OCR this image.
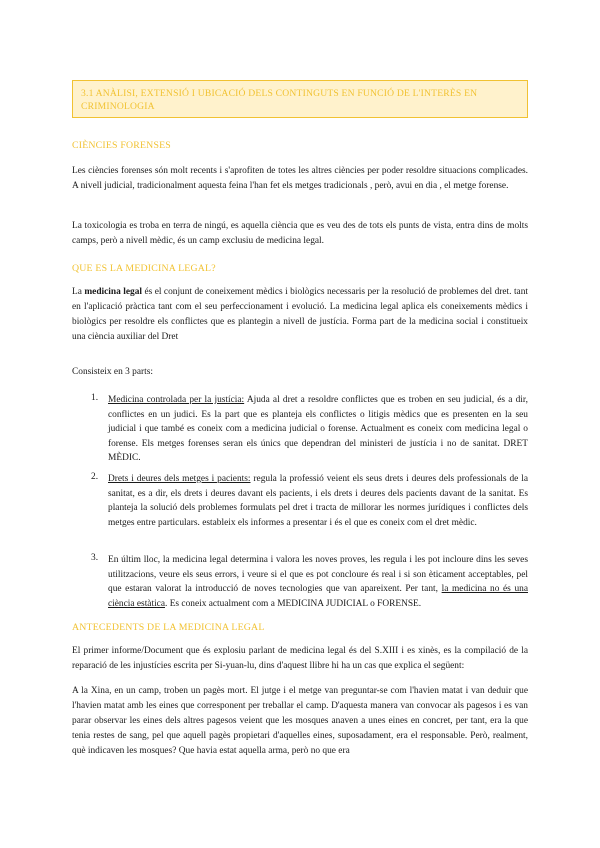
3.1 ANÀLISI, EXTENSIÓ I UBICACIÓ DELS CONTINGUTS EN FUNCIÓ DE L'INTERÈS EN CRIMINOLOGIA
CIÈNCIES FORENSES

Les ciències forenses són molt recents i s'aprofiten de totes les altres ciències per poder resoldre situacions complicades. A nivell judicial, tradicionalment aquesta feina l'han fet els metges tradicionals , però, avui en dia , el metge forense.

La toxicologia es troba en terra de ningú, es aquella ciència que es veu des de tots els punts de vista, entra dins de molts camps, però a nivell mèdic, és un camp exclusiu de medicina legal.

QUE ES LA MEDICINA LEGAL?

La medicina legal és el conjunt de coneixement mèdics i biològics necessaris per la resolució de problemes del dret. tant en l'aplicació pràctica tant com el seu perfeccionament i evolució. La medicina legal aplica els coneixements mèdics i biològics per resoldre els conflictes que es plantegin a nivell de justícia. Forma part de la medicina social i constitueix una ciència auxiliar del Dret

Consisteix en 3 parts:

1. Medicina controlada per la justícia: Ajuda al dret a resoldre conflictes que es troben en seu judicial, és a dir, conflictes en un judici. Es la part que es planteja els conflictes o litigis mèdics que es presenten en la seu judicial i que també es coneix com a medicina judicial o forense. Actualment es coneix com medicina legal o forense. Els metges forenses seran els únics que dependran del ministeri de justícia i no de sanitat. DRET MÈDIC.

2. Drets i deures dels metges i pacients: regula la professió veient els seus drets i deures dels professionals de la sanitat, es a dir, els drets i deures davant els pacients, i els drets i deures dels pacients davant de la sanitat. Es planteja la solució dels problemes formulats pel dret i tracta de millorar les normes jurídiques i conflictes dels metges entre particulars. estableix els informes a presentar i és el que es coneix com el dret mèdic.

3. En últim lloc, la medicina legal determina i valora les noves proves, les regula i les pot incloure dins les seves utilitzacions, veure els seus errors, i veure si el que es pot concloure és real i si son èticament acceptables, pel que estaran valorat la introducció de noves tecnologies que van apareixent. Per tant, la medicina no és una ciència estàtica. Es coneix actualment com a MEDICINA JUDICIAL o FORENSE.

ANTECEDENTS DE LA MEDICINA LEGAL

El primer informe/Document que és explosiu parlant de medicina legal és del S.XIII i es xinès, es la compilació de la reparació de les injustícies escrita per Si-yuan-lu, dins d'aquest llibre hi ha un cas que explica el següent:

A la Xina, en un camp, troben un pagès mort. El jutge i el metge van preguntar-se com l'havien matat i van deduir que l'havien matat amb les eines que corresponent per treballar el camp. D'aquesta manera van convocar als pagesos i es van parar observar les eines dels altres pagesos veient que les mosques anaven a unes eines en concret, per tant, era la que tenia restes de sang, pel que aquell pagès propietari d'aquelles eines, suposadament, era el responsable. Però, realment, què indicaven les mosques? Que havia estat aquella arma, però no que era
